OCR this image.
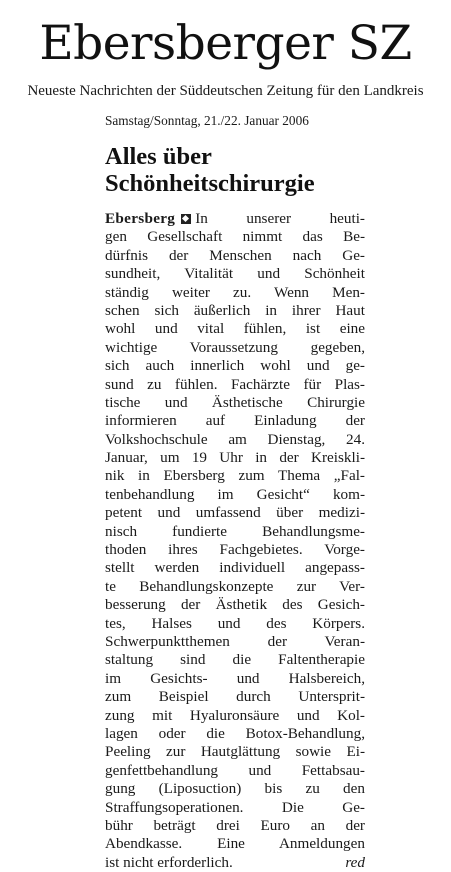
Ebersberger SZ
Neueste Nachrichten der Süddeutschen Zeitung für den Landkreis
Samstag/Sonntag, 21./22. Januar 2006
Alles über
Schönheitschirurgie
Ebersberg In unserer heuti-
gen Gesellschaft nimmt das Be-
dürfnis der Menschen nach Ge-
sundheit, Vitalität und Schönheit
ständig weiter zu. Wenn Men-
schen sich äußerlich in ihrer Haut
wohl und vital fühlen, ist eine
wichtige Voraussetzung gegeben,
sich auch innerlich wohl und ge-
sund zu fühlen. Fachärzte für Plas-
tische und Ästhetische Chirurgie
informieren auf Einladung der
Volkshochschule am Dienstag, 24.
Januar, um 19 Uhr in der Kreiskli-
nik in Ebersberg zum Thema „Fal-
tenbehandlung im Gesicht“ kom-
petent und umfassend über medizi-
nisch fundierte Behandlungsme-
thoden ihres Fachgebietes. Vorge-
stellt werden individuell angepass-
te Behandlungskonzepte zur Ver-
besserung der Ästhetik des Gesich-
tes, Halses und des Körpers.
Schwerpunktthemen der Veran-
staltung sind die Faltentherapie
im Gesichts- und Halsbereich,
zum Beispiel durch Untersprit-
zung mit Hyaluronsäure und Kol-
lagen oder die Botox-Behandlung,
Peeling zur Hautglättung sowie Ei-
genfettbehandlung und Fettabsau-
gung (Liposuction) bis zu den
Straffungsoperationen. Die Ge-
bühr beträgt drei Euro an der
Abendkasse. Eine Anmeldungen
ist nicht erforderlich.	red
